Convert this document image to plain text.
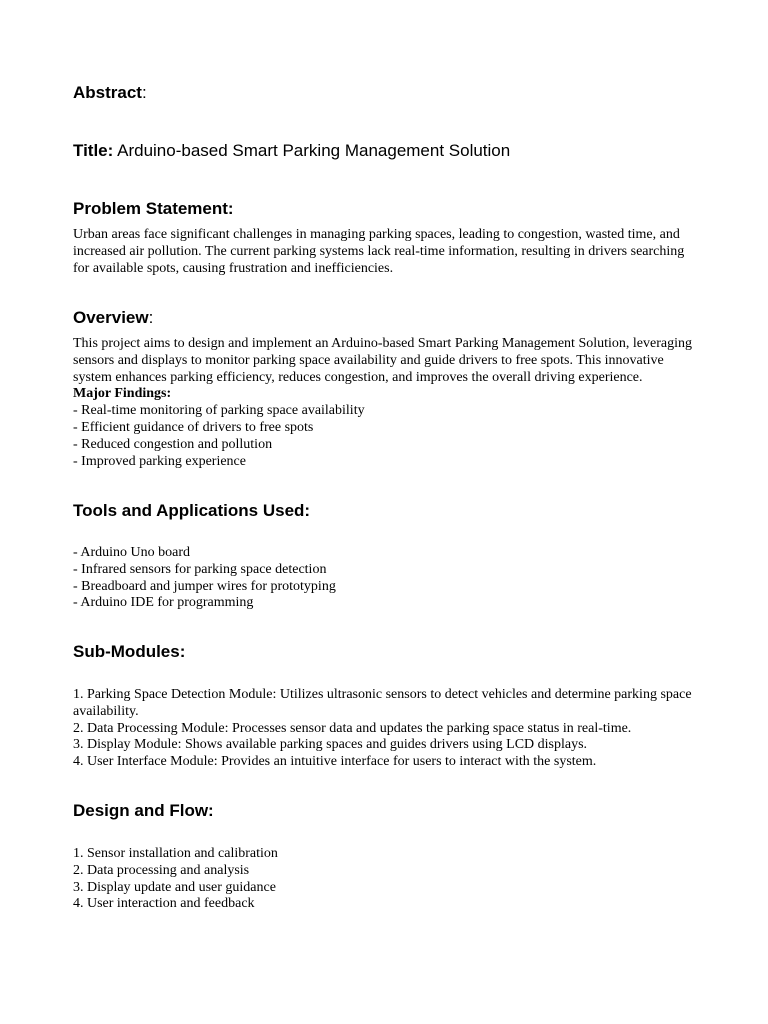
Abstract:
Title: Arduino-based Smart Parking Management Solution
Problem Statement:

Urban areas face significant challenges in managing parking spaces, leading to congestion, wasted time, and increased air pollution. The current parking systems lack real-time information, resulting in drivers searching for available spots, causing frustration and inefficiencies.

Overview:
This project aims to design and implement an Arduino-based Smart Parking Management Solution, leveraging sensors and displays to monitor parking space availability and guide drivers to free spots. This innovative system enhances parking efficiency, reduces congestion, and improves the overall driving experience.
Major Findings:
- Real-time monitoring of parking space availability
- Efficient guidance of drivers to free spots
- Reduced congestion and pollution
- Improved parking experience
Tools and Applications Used:
- Arduino Uno board
- Infrared sensors for parking space detection
- Breadboard and jumper wires for prototyping
- Arduino IDE for programming
Sub-Modules:
1. Parking Space Detection Module: Utilizes ultrasonic sensors to detect vehicles and determine parking space availability.
2. Data Processing Module: Processes sensor data and updates the parking space status in real-time.
3. Display Module: Shows available parking spaces and guides drivers using LCD displays.
4. User Interface Module: Provides an intuitive interface for users to interact with the system.
Design and Flow:
1. Sensor installation and calibration
2. Data processing and analysis
3. Display update and user guidance
4. User interaction and feedback
